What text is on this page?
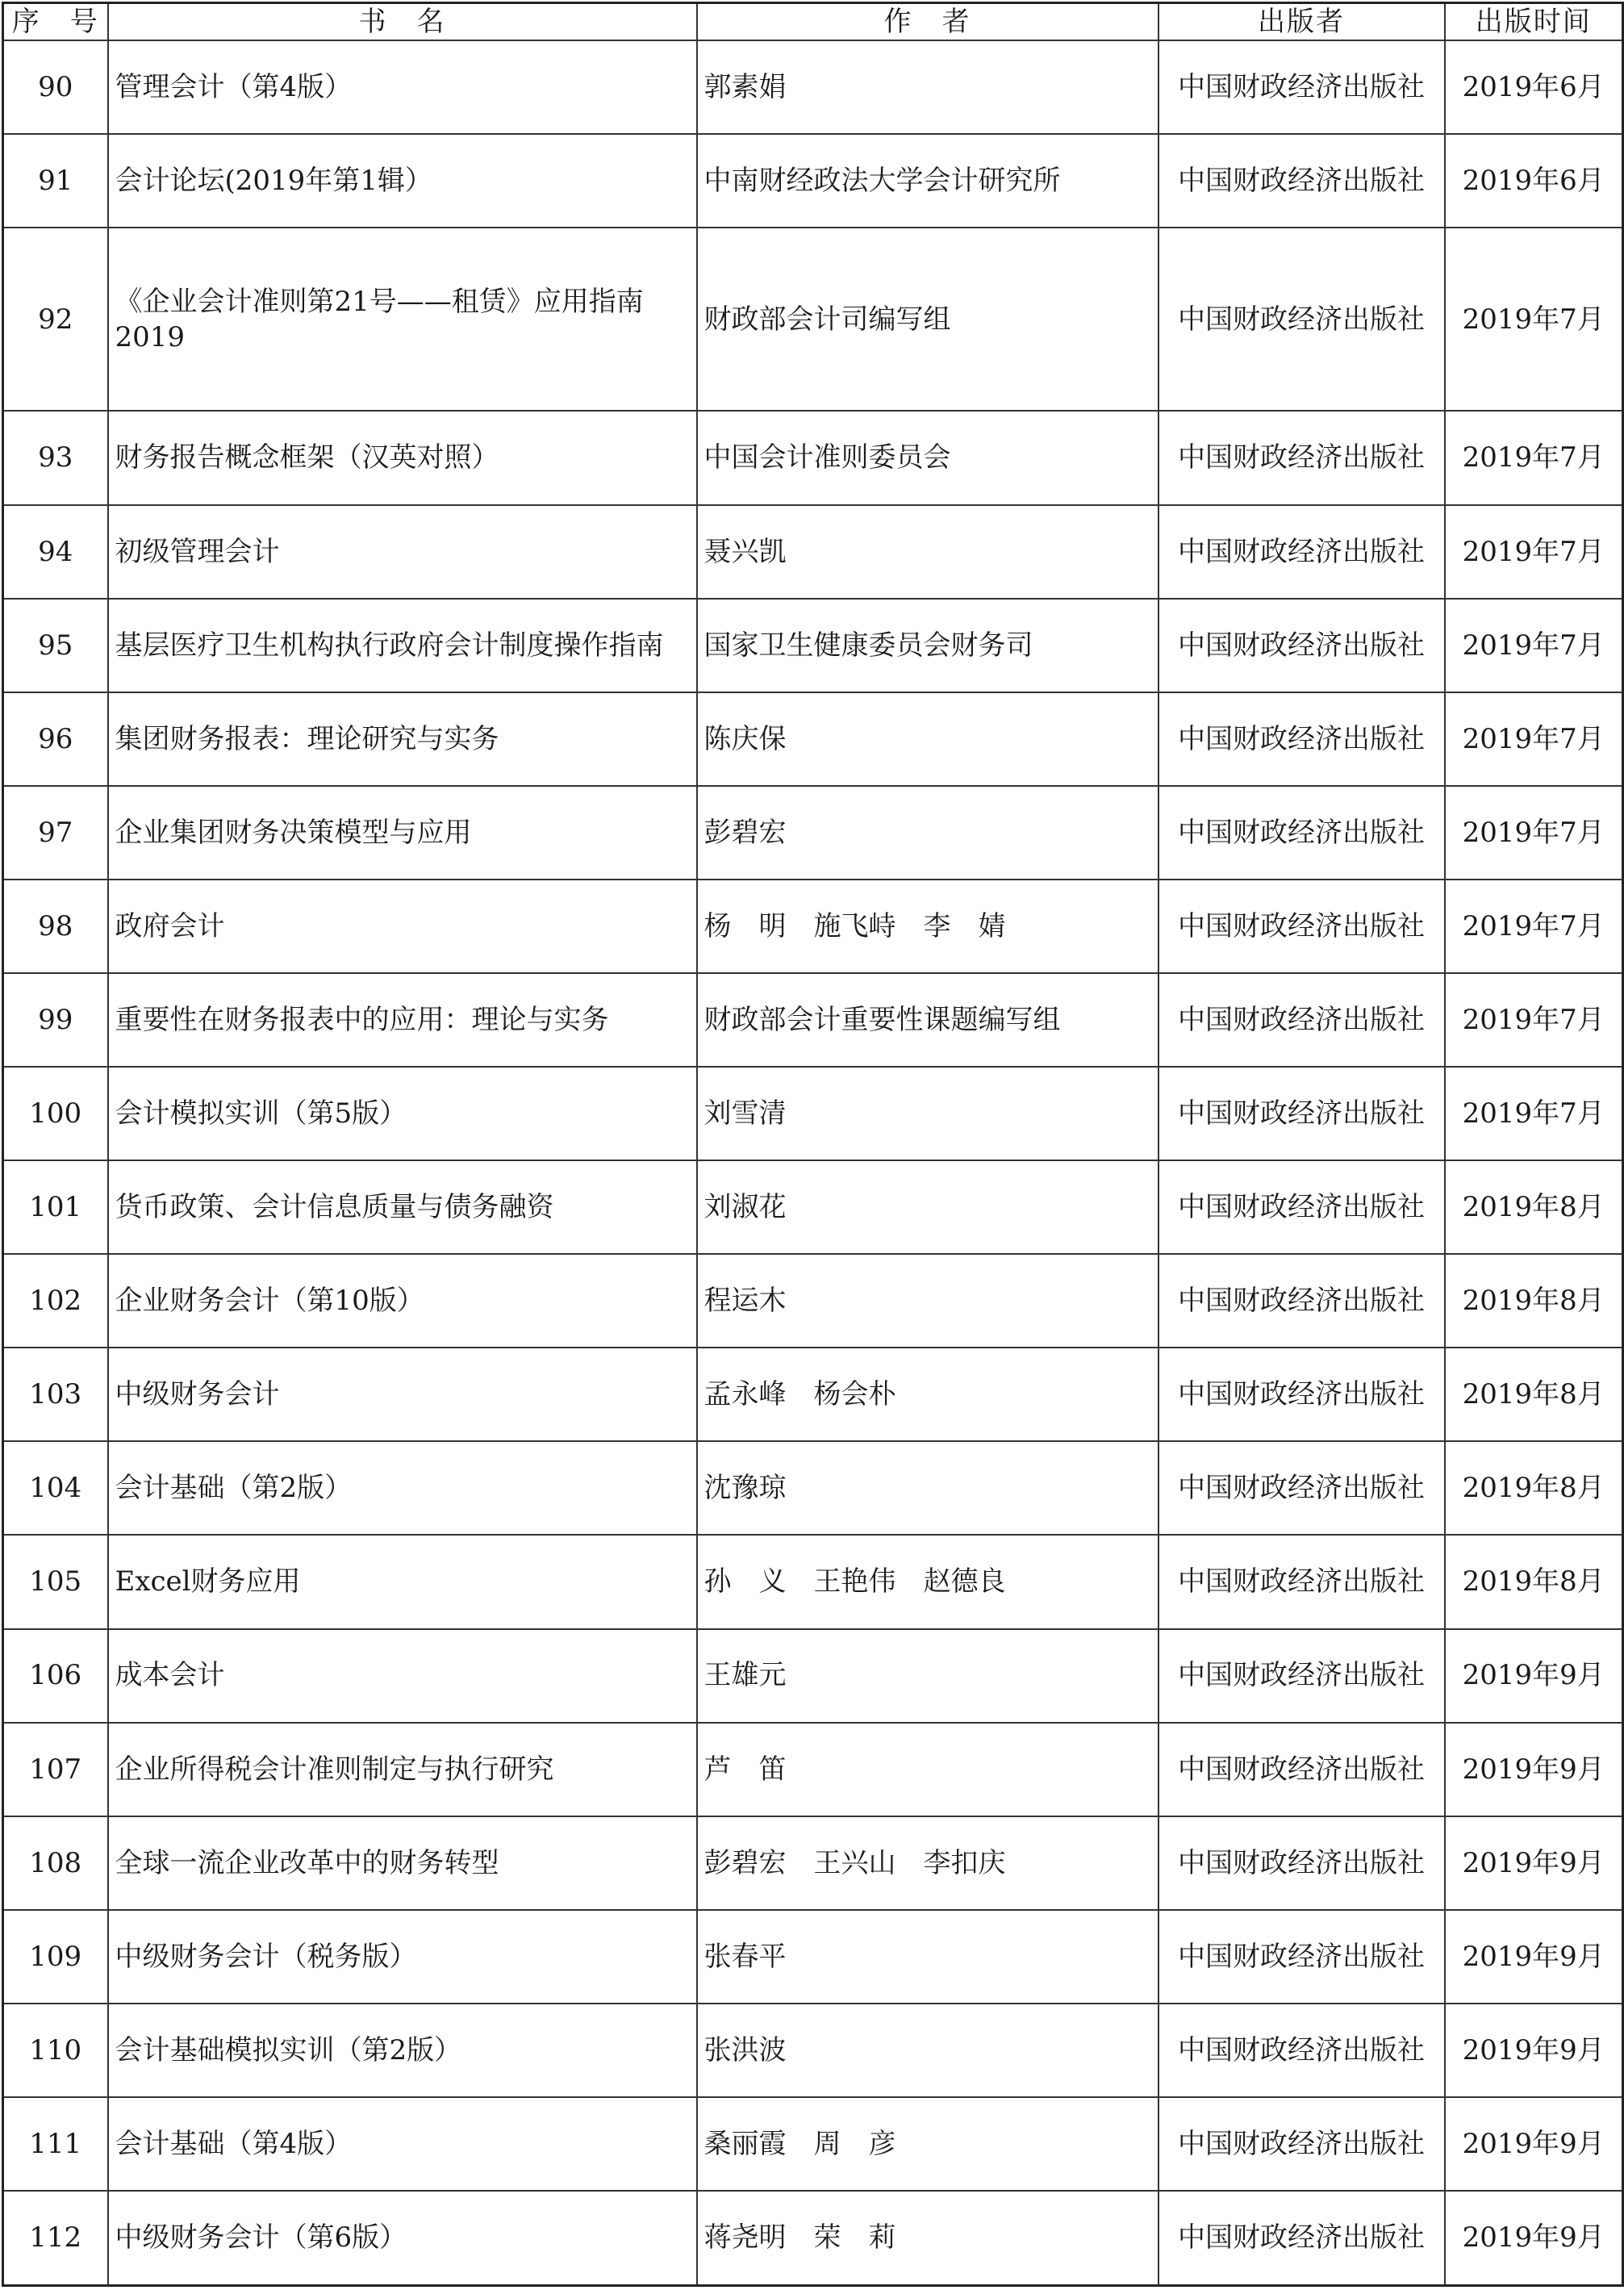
序　号	书　名	作　者	出版者	出版时间
90	管理会计（第4版）	郭素娟	中国财政经济出版社	2019年6月
91	会计论坛(2019年第1辑）	中南财经政法大学会计研究所	中国财政经济出版社	2019年6月
92	《企业会计准则第21号——租赁》应用指南2019	财政部会计司编写组	中国财政经济出版社	2019年7月
93	财务报告概念框架（汉英对照）	中国会计准则委员会	中国财政经济出版社	2019年7月
94	初级管理会计	聂兴凯	中国财政经济出版社	2019年7月
95	基层医疗卫生机构执行政府会计制度操作指南	国家卫生健康委员会财务司	中国财政经济出版社	2019年7月
96	集团财务报表：理论研究与实务	陈庆保	中国财政经济出版社	2019年7月
97	企业集团财务决策模型与应用	彭碧宏	中国财政经济出版社	2019年7月
98	政府会计	杨　明　施飞峙　李　婧	中国财政经济出版社	2019年7月
99	重要性在财务报表中的应用：理论与实务	财政部会计重要性课题编写组	中国财政经济出版社	2019年7月
100	会计模拟实训（第5版）	刘雪清	中国财政经济出版社	2019年7月
101	货币政策、会计信息质量与债务融资	刘淑花	中国财政经济出版社	2019年8月
102	企业财务会计（第10版）	程运木	中国财政经济出版社	2019年8月
103	中级财务会计	孟永峰　杨会朴	中国财政经济出版社	2019年8月
104	会计基础（第2版）	沈豫琼	中国财政经济出版社	2019年8月
105	Excel财务应用	孙　义　王艳伟　赵德良	中国财政经济出版社	2019年8月
106	成本会计	王雄元	中国财政经济出版社	2019年9月
107	企业所得税会计准则制定与执行研究	芦　笛	中国财政经济出版社	2019年9月
108	全球一流企业改革中的财务转型	彭碧宏　王兴山　李扣庆	中国财政经济出版社	2019年9月
109	中级财务会计（税务版）	张春平	中国财政经济出版社	2019年9月
110	会计基础模拟实训（第2版）	张洪波	中国财政经济出版社	2019年9月
111	会计基础（第4版）	桑丽霞　周　彦	中国财政经济出版社	2019年9月
112	中级财务会计（第6版）	蒋尧明　荣　莉	中国财政经济出版社	2019年9月
